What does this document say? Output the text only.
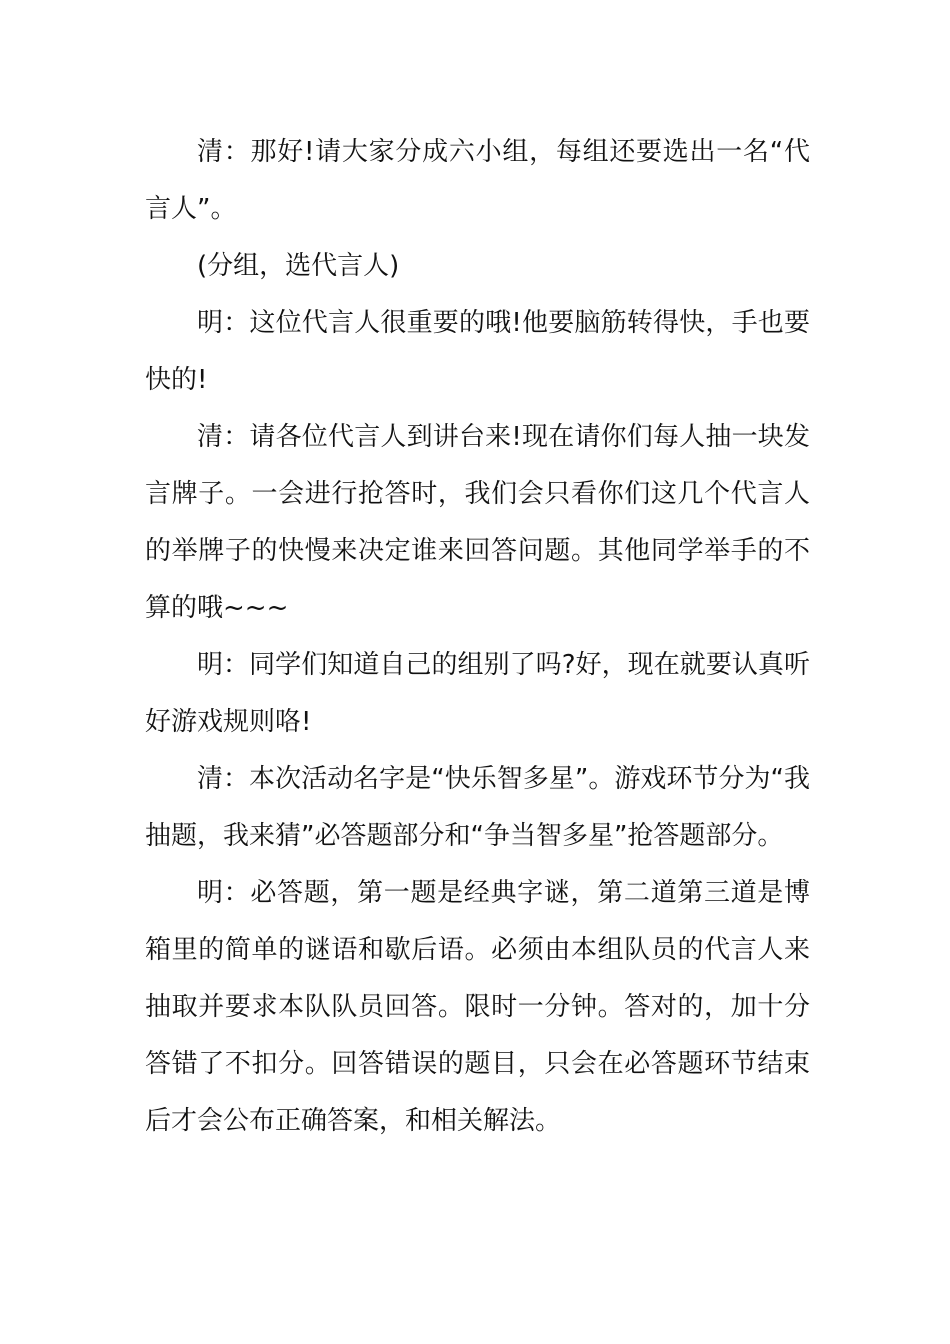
清：那好!请大家分成六小组，每组还要选出一名“代言人”。

(分组，选代言人)

明：这位代言人很重要的哦!他要脑筋转得快，手也要快的!

清：请各位代言人到讲台来!现在请你们每人抽一块发言牌子。一会进行抢答时，我们会只看你们这几个代言人的举牌子的快慢来决定谁来回答问题。其他同学举手的不算的哦~~~

明：同学们知道自己的组别了吗?好，现在就要认真听好游戏规则咯!

清：本次活动名字是“快乐智多星”。游戏环节分为“我抽题，我来猜”必答题部分和“争当智多星”抢答题部分。

明：必答题，第一题是经典字谜，第二道第三道是博箱里的简单的谜语和歇后语。必须由本组队员的代言人来抽取并要求本队队员回答。限时一分钟。答对的，加十分答错了不扣分。回答错误的题目，只会在必答题环节结束后才会公布正确答案，和相关解法。
